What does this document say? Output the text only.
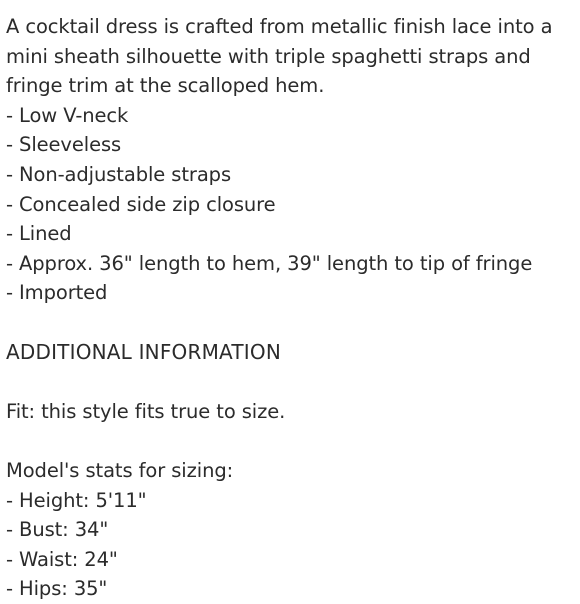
A cocktail dress is crafted from metallic finish lace into a
mini sheath silhouette with triple spaghetti straps and
fringe trim at the scalloped hem.
- Low V-neck
- Sleeveless
- Non-adjustable straps
- Concealed side zip closure
- Lined
- Approx. 36" length to hem, 39" length to tip of fringe
- Imported
ADDITIONAL INFORMATION
Fit: this style fits true to size.
Model's stats for sizing:
- Height: 5'11"
- Bust: 34"
- Waist: 24"
- Hips: 35"
